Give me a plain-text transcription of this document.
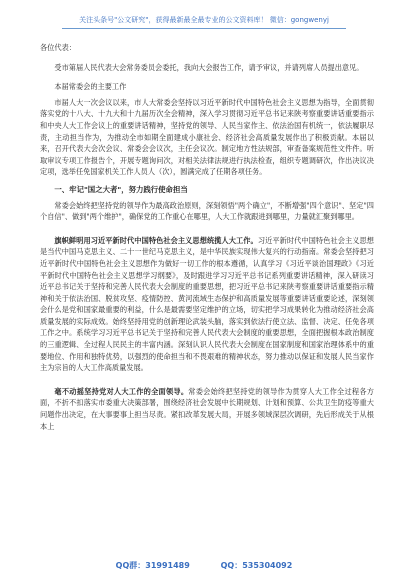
关注头条号"公文研究"，获得最新最全最专业的公文资料库！ 微信：gongwenyj

各位代表：

受市第届人民代表大会常务委员会委托，我向大会报告工作，请予审议，并请列席人员提出意见。

本届常委会的主要工作

市届人大一次会议以来，市人大常委会坚持以习近平新时代中国特色社会主义思想为指导，全面贯彻落实党的十八大、十九大和十九届历次全会精神，深入学习贯彻习近平总书记来陕考察重要讲话重要指示和中央人大工作会议上的重要讲话精神，坚持党的领导、人民当家作主、依法治国有机统一，依法履职尽责，主动担当作为，为推动全市如期全面建成小康社会、经济社会高质量发展作出了积极贡献。本届以来，召开代表大会次会议、常委会会议次，主任会议次。制定地方性法规部，审查备案规范性文件件。听取审议专项工作报告个，开展专题询问次，对相关法律法规进行执法检查，组织专题调研次，作出决议决定项，选举任免国家机关工作人员人（次），圆满完成了任期各项任务。

一、牢记"国之大者"，努力践行使命担当

常委会始终把坚持党的领导作为最高政治原则，深刻领悟"两个确立"，不断增强"四个意识"、坚定"四个自信"、做到"两个维护"，确保党的工作重心在哪里，人大工作就跟进到哪里，力量就汇聚到哪里。

旗帜鲜明用习近平新时代中国特色社会主义思想统揽人大工作。习近平新时代中国特色社会主义思想是当代中国马克思主义、二十一世纪马克思主义，是中华民族实现伟大复兴的行动指南。常委会坚持把习近平新时代中国特色社会主义思想作为做好一切工作的根本遵循，认真学习《习近平谈治国理政》《习近平新时代中国特色社会主义思想学习纲要》，及时跟进学习习近平总书记系列重要讲话精神，深入研读习近平总书记关于坚持和完善人民代表大会制度的重要思想，把习近平总书记来陕考察重要讲话重要指示精神和关于依法治国、脱贫攻坚、疫情防控、黄河流域生态保护和高质量发展等重要讲话重要论述，深刻领会什么是党和国家最重要的利益，什么是最需要坚定维护的立场，切实把学习成果转化为推动经济社会高质量发展的实际成效。始终坚持用党的创新理论武装头脑，落实到依法行使立法、监督、决定、任免各项工作之中。系统学习习近平总书记关于坚持和完善人民代表大会制度的重要思想，全面把握根本政治制度的三重逻辑、全过程人民民主的丰富内涵。深刻认识人民代表大会制度在国家制度和国家治理体系中的重要地位、作用和独特优势，以强烈的使命担当和不畏艰难的精神状态，努力推动以保证和发展人民当家作主为宗旨的人大工作高质量发展。

毫不动摇坚持党对人大工作的全面领导。常委会始终把坚持党的领导作为贯穿人大工作全过程各方面，不折不扣落实市委重大决策部署，围绕经济社会发展中长期规划、计划和预算、公共卫生防疫等重大问题作出决定，在大事要事上担当尽责。紧扣改革发展大局，开展多领域深层次调研，先后形成关于从根本上

QQ群：31991489	QQ：535304092
